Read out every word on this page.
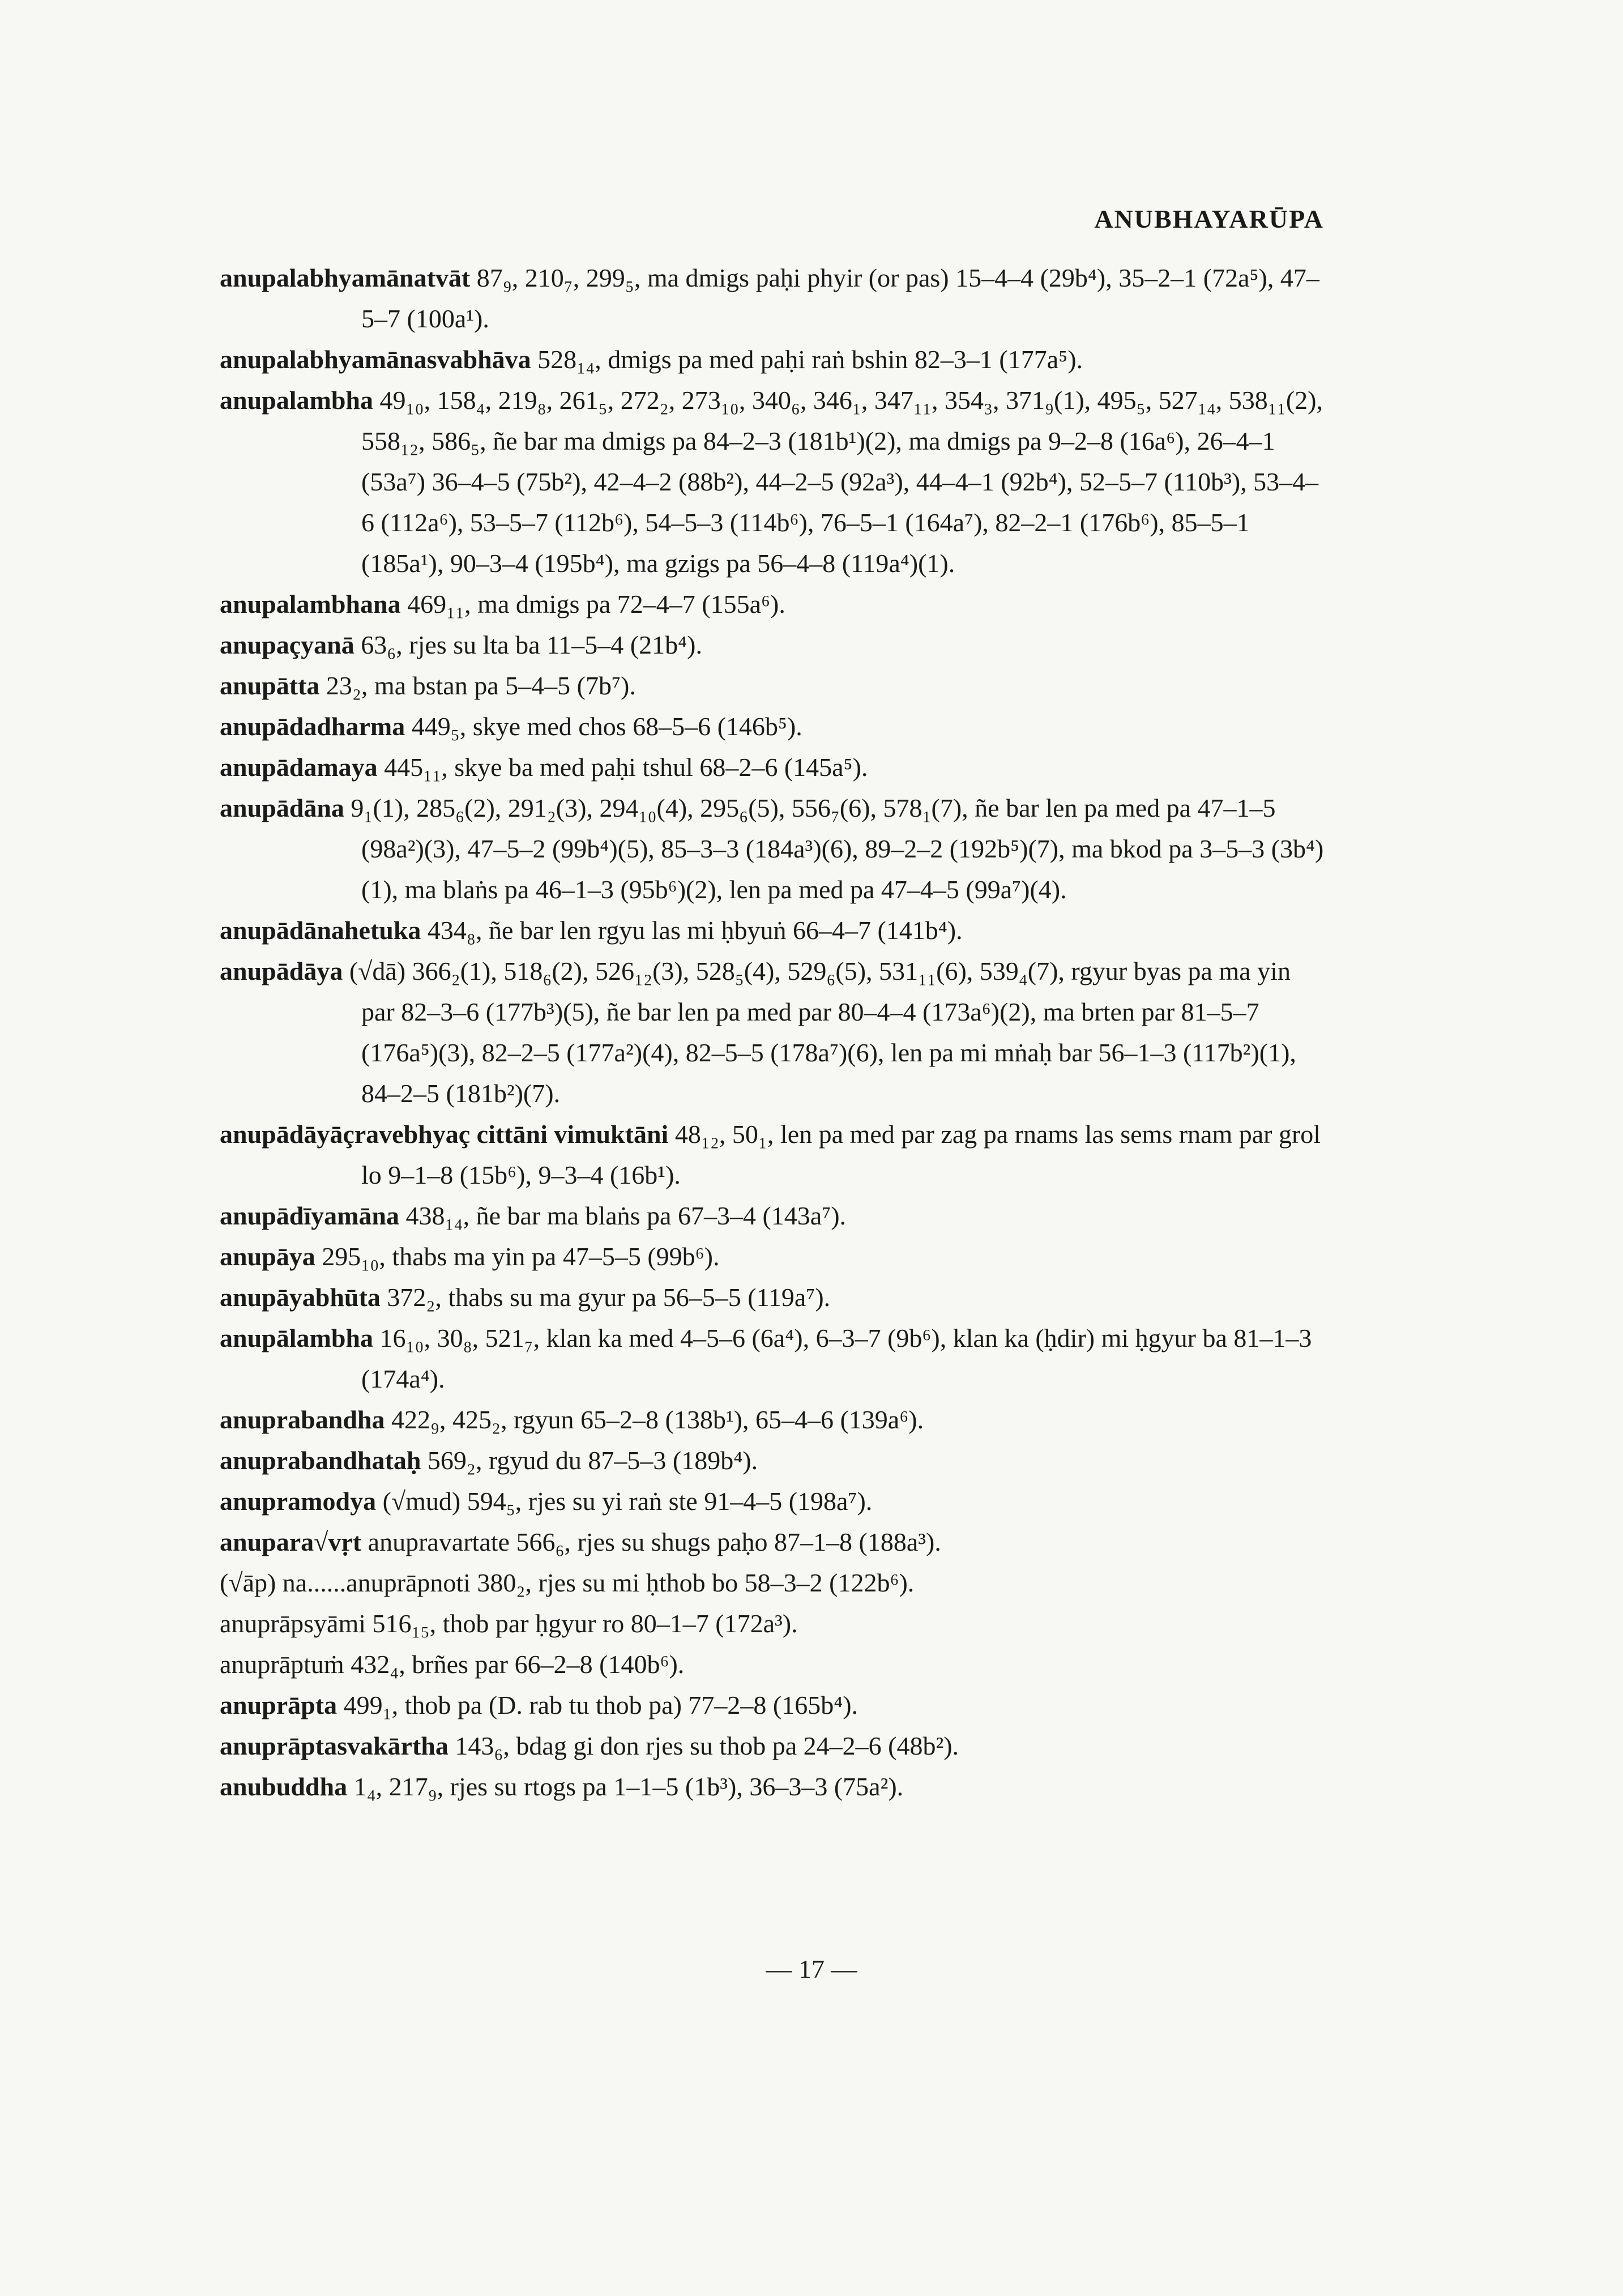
ANUBHAYARŪPA
anupalabhyamānatvāt 87₉, 210₇, 299₅, ma dmigs paḥi phyir (or pas) 15–4–4 (29b⁴), 35–2–1 (72a⁵), 47–5–7 (100a¹).
anupalabhyamānasvabhāva 528₁₄, dmigs pa med paḥi raṅ bshin 82–3–1 (177a⁵).
anupalambha 49₁₀, 158₄, 219₈, 261₅, 272₂, 273₁₀, 340₆, 346₁, 347₁₁, 354₃, 371₉(1), 495₅, 527₁₄, 538₁₁(2), 558₁₂, 586₅, ñe bar ma dmigs pa 84–2–3 (181b¹)(2), ma dmigs pa 9–2–8 (16a⁶), 26–4–1 (53a⁷) 36–4–5 (75b²), 42–4–2 (88b²), 44–2–5 (92a³), 44–4–1 (92b⁴), 52–5–7 (110b³), 53–4–6 (112a⁶), 53–5–7 (112b⁶), 54–5–3 (114b⁶), 76–5–1 (164a⁷), 82–2–1 (176b⁶), 85–5–1 (185a¹), 90–3–4 (195b⁴), ma gzigs pa 56–4–8 (119a⁴)(1).
anupalambhana 469₁₁, ma dmigs pa 72–4–7 (155a⁶).
anupaçyanā 63₆, rjes su lta ba 11–5–4 (21b⁴).
anupātta 23₂, ma bstan pa 5–4–5 (7b⁷).
anupādadharma 449₅, skye med chos 68–5–6 (146b⁵).
anupādamaya 445₁₁, skye ba med paḥi tshul 68–2–6 (145a⁵).
anupādāna 9₁(1), 285₆(2), 291₂(3), 294₁₀(4), 295₆(5), 556₇(6), 578₁(7), ñe bar len pa med pa 47–1–5 (98a²)(3), 47–5–2 (99b⁴)(5), 85–3–3 (184a³)(6), 89–2–2 (192b⁵)(7), ma bkod pa 3–5–3 (3b⁴)(1), ma blaṅs pa 46–1–3 (95b⁶)(2), len pa med pa 47–4–5 (99a⁷)(4).
anupādānahetuka 434₈, ñe bar len rgyu las mi ḥbyuṅ 66–4–7 (141b⁴).
anupādāya (√dā) 366₂(1), 518₆(2), 526₁₂(3), 528₅(4), 529₆(5), 531₁₁(6), 539₄(7), rgyur byas pa ma yin par 82–3–6 (177b³)(5), ñe bar len pa med par 80–4–4 (173a⁶)(2), ma brten par 81–5–7 (176a⁵)(3), 82–2–5 (177a²)(4), 82–5–5 (178a⁷)(6), len pa mi mṅaḥ bar 56–1–3 (117b²)(1), 84–2–5 (181b²)(7).
anupādāyāçravebhyaç cittāni vimuktāni 48₁₂, 50₁, len pa med par zag pa rnams las sems rnam par grol lo 9–1–8 (15b⁶), 9–3–4 (16b¹).
anupādīyamāna 438₁₄, ñe bar ma blaṅs pa 67–3–4 (143a⁷).
anupāya 295₁₀, thabs ma yin pa 47–5–5 (99b⁶).
anupāyabhūta 372₂, thabs su ma gyur pa 56–5–5 (119a⁷).
anupālambha 16₁₀, 30₈, 521₇, klan ka med 4–5–6 (6a⁴), 6–3–7 (9b⁶), klan ka (ḥdir) mi ḥgyur ba 81–1–3 (174a⁴).
anuprabandha 422₉, 425₂, rgyun 65–2–8 (138b¹), 65–4–6 (139a⁶).
anuprabandhataḥ 569₂, rgyud du 87–5–3 (189b⁴).
anupramodya (√mud) 594₅, rjes su yi raṅ ste 91–4–5 (198a⁷).
anupara√vṛt anupravartate 566₆, rjes su shugs paḥo 87–1–8 (188a³).
(√āp) na......anuprāpnoti 380₂, rjes su mi ḥthob bo 58–3–2 (122b⁶).
anuprāpsyāmi 516₁₅, thob par ḥgyur ro 80–1–7 (172a³).
anuprāptuṁ 432₄, brñes par 66–2–8 (140b⁶).
anuprāpta 499₁, thob pa (D. rab tu thob pa) 77–2–8 (165b⁴).
anuprāptasvakārtha 143₆, bdag gi don rjes su thob pa 24–2–6 (48b²).
anubuddha 1₄, 217₉, rjes su rtogs pa 1–1–5 (1b³), 36–3–3 (75a²).
— 17 —
